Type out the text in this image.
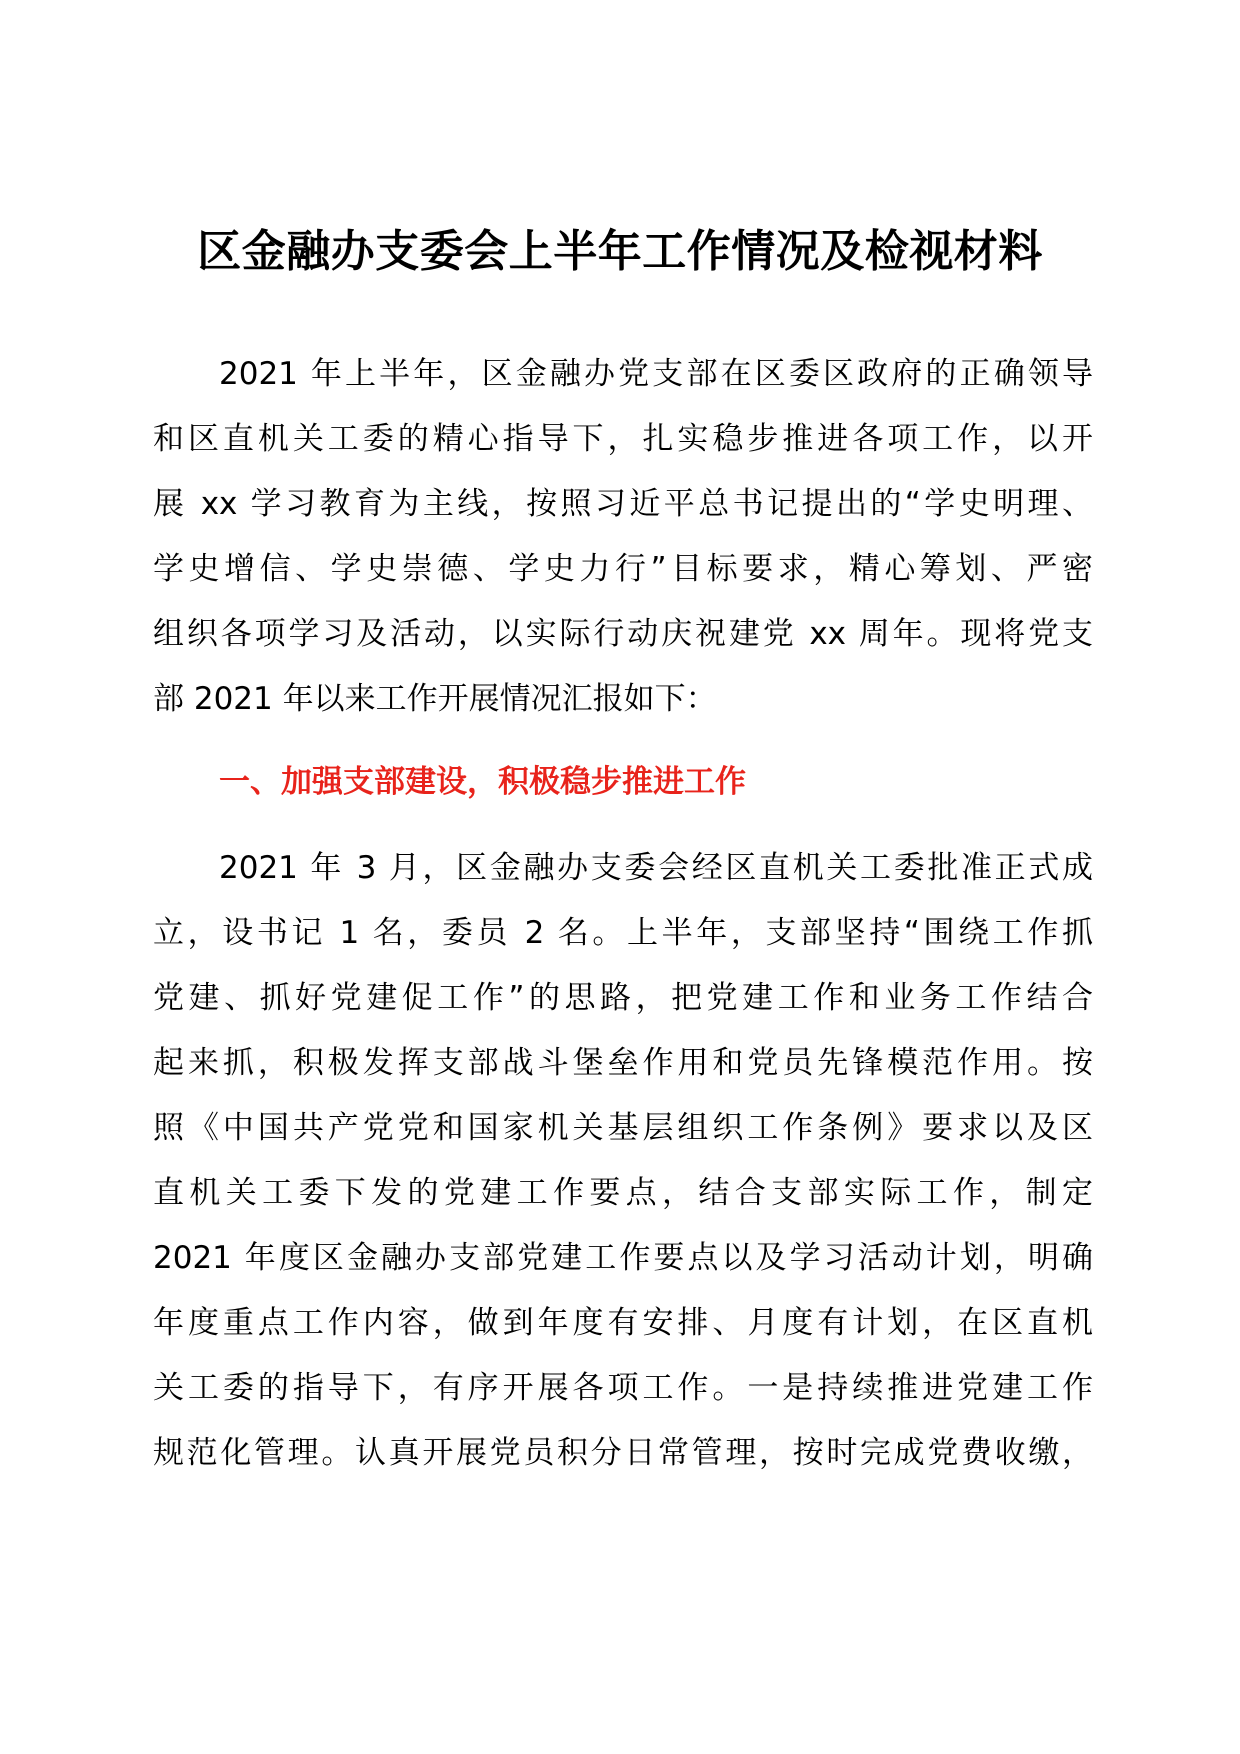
区金融办支委会上半年工作情况及检视材料
2021 年上半年，区金融办党支部在区委区政府的正确领导
和区直机关工委的精心指导下，扎实稳步推进各项工作，以开
展 xx 学习教育为主线，按照习近平总书记提出的“学史明理、
学史增信、学史崇德、学史力行”目标要求，精心筹划、严密
组织各项学习及活动，以实际行动庆祝建党 xx 周年。现将党支
部 2021 年以来工作开展情况汇报如下：
一、加强支部建设，积极稳步推进工作
2021 年 3 月，区金融办支委会经区直机关工委批准正式成
立，设书记 1 名，委员 2 名。上半年，支部坚持“围绕工作抓
党建、抓好党建促工作”的思路，把党建工作和业务工作结合
起来抓，积极发挥支部战斗堡垒作用和党员先锋模范作用。按
照《中国共产党党和国家机关基层组织工作条例》要求以及区
直机关工委下发的党建工作要点，结合支部实际工作，制定
2021 年度区金融办支部党建工作要点以及学习活动计划，明确
年度重点工作内容，做到年度有安排、月度有计划，在区直机
关工委的指导下，有序开展各项工作。一是持续推进党建工作
规范化管理。认真开展党员积分日常管理，按时完成党费收缴，
